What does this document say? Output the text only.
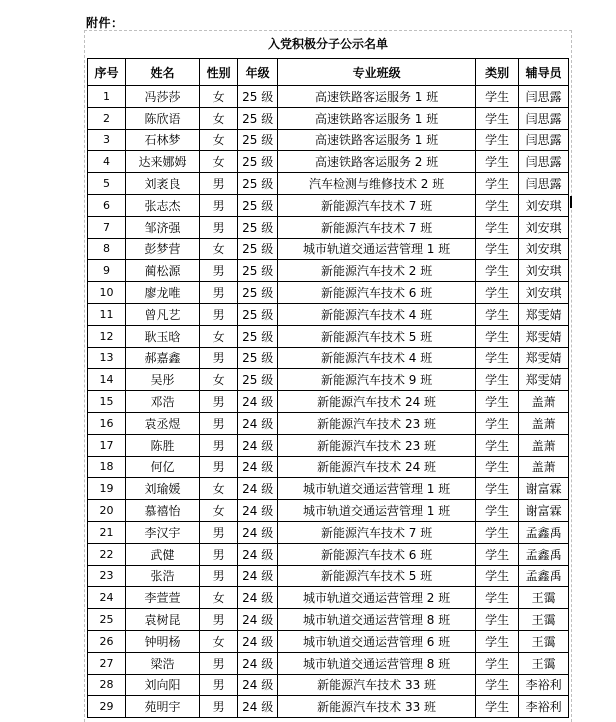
附件：
入党积极分子公示名单
序号	姓名	性别	年级	专业班级	类别	辅导员
1	冯莎莎	女	25 级	高速铁路客运服务 1 班	学生	闫思露
2	陈欣语	女	25 级	高速铁路客运服务 1 班	学生	闫思露
3	石林梦	女	25 级	高速铁路客运服务 1 班	学生	闫思露
4	达来娜姆	女	25 级	高速铁路客运服务 2 班	学生	闫思露
5	刘袤良	男	25 级	汽车检测与维修技术 2 班	学生	闫思露
6	张志杰	男	25 级	新能源汽车技术 7 班	学生	刘安琪
7	邹济强	男	25 级	新能源汽车技术 7 班	学生	刘安琪
8	彭梦营	女	25 级	城市轨道交通运营管理 1 班	学生	刘安琪
9	蔺松源	男	25 级	新能源汽车技术 2 班	学生	刘安琪
10	廖龙唯	男	25 级	新能源汽车技术 6 班	学生	刘安琪
11	曾凡艺	男	25 级	新能源汽车技术 4 班	学生	郑雯婧
12	耿玉晗	女	25 级	新能源汽车技术 5 班	学生	郑雯婧
13	郝嘉鑫	男	25 级	新能源汽车技术 4 班	学生	郑雯婧
14	吴彤	女	25 级	新能源汽车技术 9 班	学生	郑雯婧
15	邓浩	男	24 级	新能源汽车技术 24 班	学生	盖萧
16	袁丞煜	男	24 级	新能源汽车技术 23 班	学生	盖萧
17	陈胜	男	24 级	新能源汽车技术 23 班	学生	盖萧
18	何亿	男	24 级	新能源汽车技术 24 班	学生	盖萧
19	刘瑜媛	女	24 级	城市轨道交通运营管理 1 班	学生	谢富霖
20	慕禧怡	女	24 级	城市轨道交通运营管理 1 班	学生	谢富霖
21	李汉宇	男	24 级	新能源汽车技术 7 班	学生	孟鑫禹
22	武健	男	24 级	新能源汽车技术 6 班	学生	孟鑫禹
23	张浩	男	24 级	新能源汽车技术 5 班	学生	孟鑫禹
24	李萱萱	女	24 级	城市轨道交通运营管理 2 班	学生	王霭
25	袁树昆	男	24 级	城市轨道交通运营管理 8 班	学生	王霭
26	钟明杨	女	24 级	城市轨道交通运营管理 6 班	学生	王霭
27	梁浩	男	24 级	城市轨道交通运营管理 8 班	学生	王霭
28	刘向阳	男	24 级	新能源汽车技术 33 班	学生	李裕利
29	苑明宇	男	24 级	新能源汽车技术 33 班	学生	李裕利
